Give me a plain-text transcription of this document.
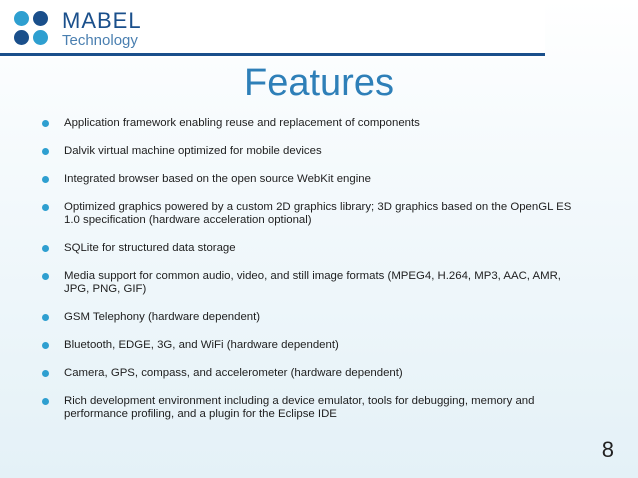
MABEL
Technology
Features
Application framework enabling reuse and replacement of components
Dalvik virtual machine optimized for mobile devices
Integrated browser based on the open source WebKit engine
Optimized graphics powered by a custom 2D graphics library; 3D graphics based on the OpenGL ES 1.0 specification (hardware acceleration optional)
SQLite for structured data storage
Media support for common audio, video, and still image formats (MPEG4, H.264, MP3, AAC, AMR, JPG, PNG, GIF)
GSM Telephony (hardware dependent)
Bluetooth, EDGE, 3G, and WiFi (hardware dependent)
Camera, GPS, compass, and accelerometer (hardware dependent)
Rich development environment including a device emulator, tools for debugging, memory and performance profiling, and a plugin for the Eclipse IDE
8
